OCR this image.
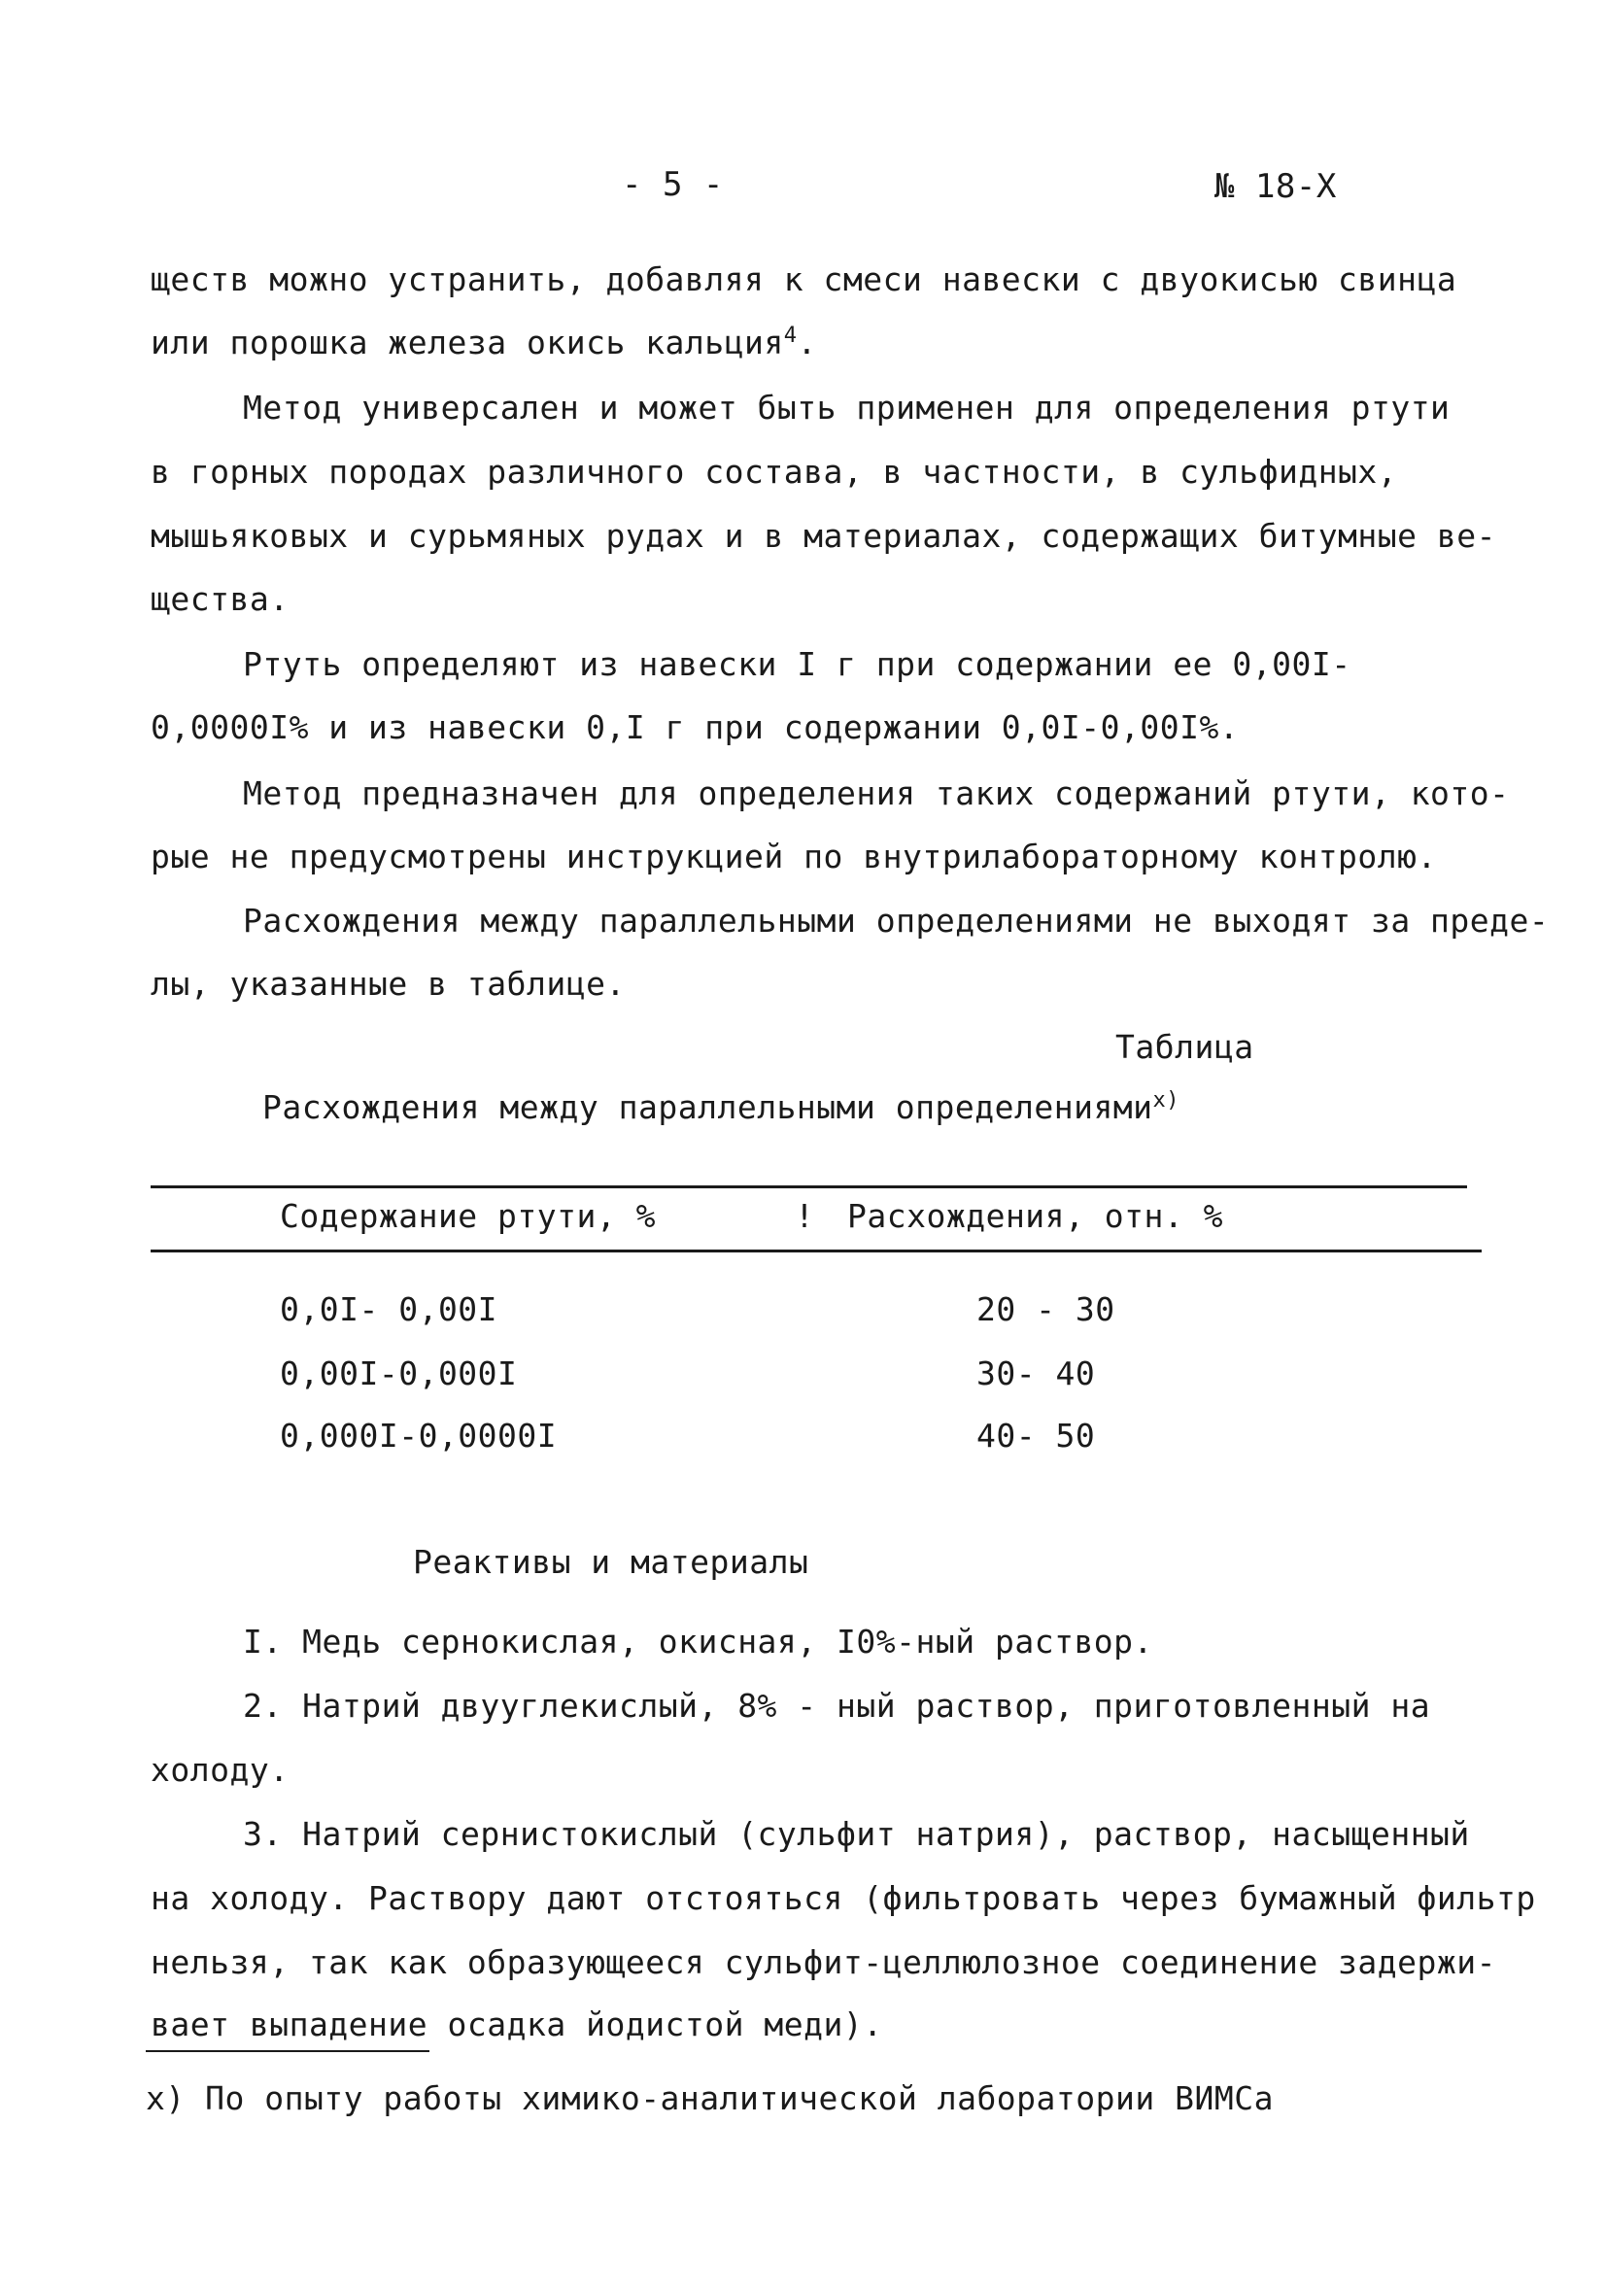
- 5 -	№ 18-Х
ществ можно устранить, добавляя к смеси навески с двуокисью свинца
или порошка железа окись кальция$^4$.
Метод универсален и может быть применен для определения ртути
в горных породах различного состава, в частности, в сульфидных,
мышьяковых и сурьмяных рудах и в материалах, содержащих битумные ве-
щества.
Ртуть определяют из навески I г при содержании ее 0,00I-
0,0000I% и из навески 0,I г при содержании 0,0I-0,00I%.
Метод предназначен для определения таких содержаний ртути, кото-
рые не предусмотрены инструкцией по внутрилабораторному контролю.
Расхождения между параллельными определениями не выходят за преде-
лы, указанные в таблице.
Таблица
Расхождения между параллельными определениями$^{х)}$
Содержание ртути, %	! Расхождения, отн. %
0,0I- 0,00I	20 - 30
0,00I-0,000I	30- 40
0,000I-0,0000I	40- 50
Реактивы и материалы
I. Медь сернокислая, окисная, I0%-ный раствор.
2. Натрий двууглекислый, 8% - ный раствор, приготовленный на
холоду.
3. Натрий сернистокислый (сульфит натрия), раствор, насыщенный
на холоду. Раствору дают отстояться (фильтровать через бумажный фильтр
нельзя, так как образующееся сульфит-целлюлозное соединение задержи-
вает выпадение осадка йодистой меди).
х) По опыту работы химико-аналитической лаборатории ВИМСа
